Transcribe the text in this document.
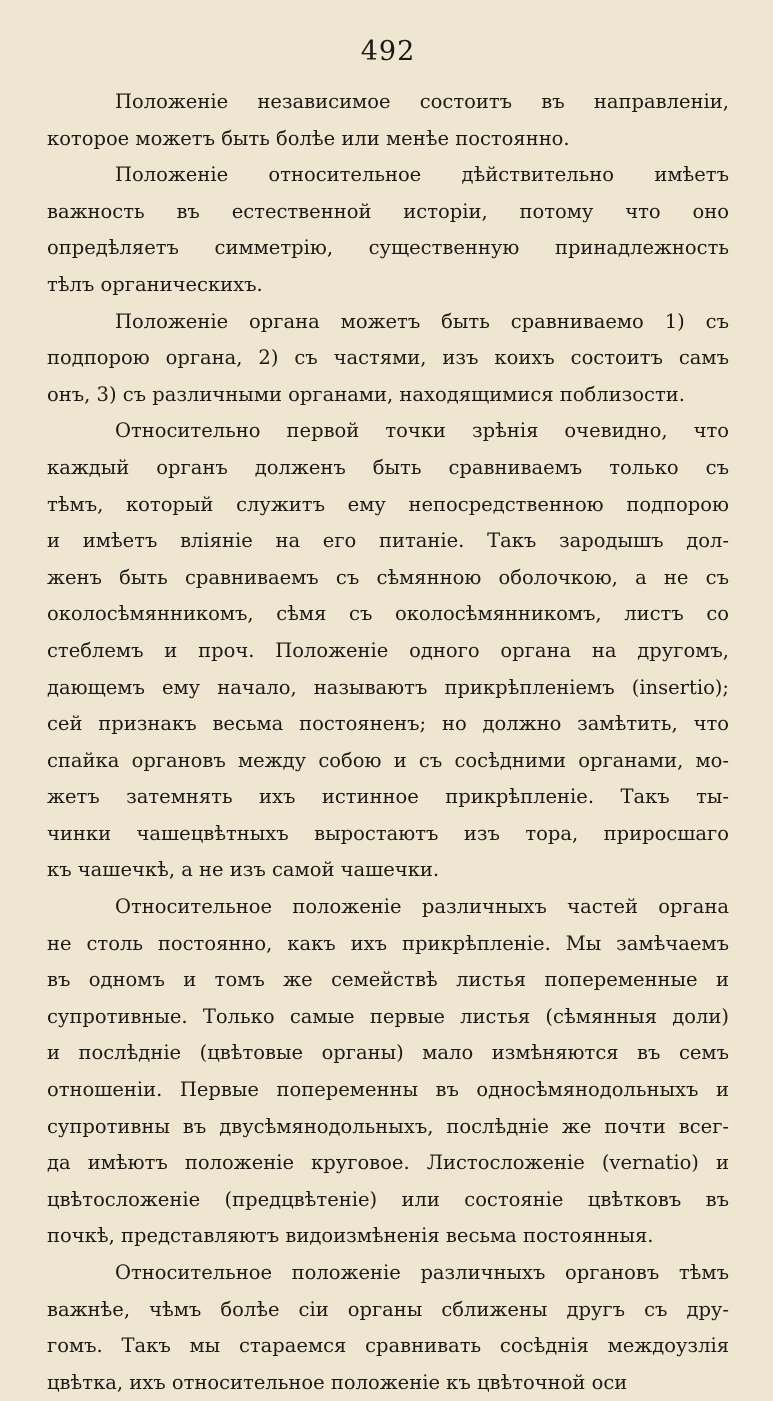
492
Положенiе независимое состоитъ въ направленiи,
которое можетъ быть болѣе или менѣе постоянно.
Положенiе относительное дѣйствительно имѣетъ
важность въ естественной исторiи, потому что оно
опредѣляетъ симметрiю, существенную принадлежность
тѣлъ органическихъ.
Положенiе органа можетъ быть сравниваемо 1) съ
подпорою органа, 2) съ частями, изъ коихъ состоитъ самъ
онъ, 3) съ различными органами, находящимися поблизости.
Относительно первой точки зрѣнiя очевидно, что
каждый органъ долженъ быть сравниваемъ только съ
тѣмъ, который служитъ ему непосредственною подпорою
и имѣетъ влiянiе на его питанiе. Такъ зародышъ дол-
женъ быть сравниваемъ съ сѣмянною оболочкою, а не съ
околосѣмянникомъ, сѣмя съ околосѣмянникомъ, листъ со
стеблемъ и проч. Положенiе одного органа на другомъ,
дающемъ ему начало, называютъ прикрѣпленiемъ (insertio);
сей признакъ весьма постояненъ; но должно замѣтить, что
спайка органовъ между собою и съ сосѣдними органами, мо-
жетъ затемнять ихъ истинное прикрѣпленiе. Такъ ты-
чинки чашецвѣтныхъ выростаютъ изъ тора, приросшаго
къ чашечкѣ, а не изъ самой чашечки.
Относительное положенiе различныхъ частей органа
не столь постоянно, какъ ихъ прикрѣпленiе. Мы замѣчаемъ
въ одномъ и томъ же семействѣ листья попеременные и
супротивные. Только самые первые листья (сѣмянныя доли)
и послѣднiе (цвѣтовые органы) мало измѣняются въ семъ
отношенiи. Первые попеременны въ односѣмянодольныхъ и
супротивны въ двусѣмянодольныхъ, послѣднiе же почти всег-
да имѣютъ положенiе круговое. Листосложенiе (vernatio) и
цвѣтосложенiе (предцвѣтенiе) или состоянiе цвѣтковъ въ
почкѣ, представляютъ видоизмѣненiя весьма постоянныя.
Относительное положенiе различныхъ органовъ тѣмъ
важнѣе, чѣмъ болѣе сiи органы сближены другъ съ дру-
гомъ. Такъ мы стараемся сравнивать сосѣднiя междоузлiя
цвѣтка, ихъ относительное положенiе къ цвѣточной оси
